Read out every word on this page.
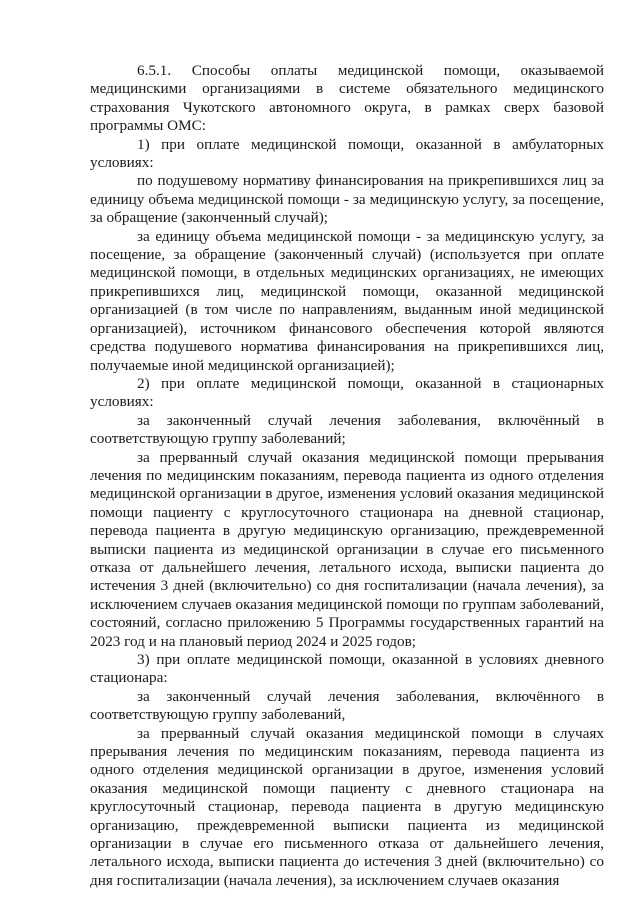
6.5.1. Способы оплаты медицинской помощи, оказываемой медицинскими организациями в системе обязательного медицинского страхования Чукотского автономного округа, в рамках сверх базовой программы ОМС:

1) при оплате медицинской помощи, оказанной в амбулаторных условиях:

по подушевому нормативу финансирования на прикрепившихся лиц за единицу объема медицинской помощи - за медицинскую услугу, за посещение, за обращение (законченный случай);

за единицу объема медицинской помощи - за медицинскую услугу, за посещение, за обращение (законченный случай) (используется при оплате медицинской помощи, в отдельных медицинских организациях, не имеющих прикрепившихся лиц, медицинской помощи, оказанной медицинской организацией (в том числе по направлениям, выданным иной медицинской организацией), источником финансового обеспечения которой являются средства подушевого норматива финансирования на прикрепившихся лиц, получаемые иной медицинской организацией);

2) при оплате медицинской помощи, оказанной в стационарных условиях:

за законченный случай лечения заболевания, включённый в соответствующую группу заболеваний;

за прерванный случай оказания медицинской помощи прерывания лечения по медицинским показаниям, перевода пациента из одного отделения медицинской организации в другое, изменения условий оказания медицинской помощи пациенту с круглосуточного стационара на дневной стационар, перевода пациента в другую медицинскую организацию, преждевременной выписки пациента из медицинской организации в случае его письменного отказа от дальнейшего лечения, летального исхода, выписки пациента до истечения 3 дней (включительно) со дня госпитализации (начала лечения), за исключением случаев оказания медицинской помощи по группам заболеваний, состояний, согласно приложению 5 Программы государственных гарантий на 2023 год и на плановый период 2024 и 2025 годов;

3) при оплате медицинской помощи, оказанной в условиях дневного стационара:

за законченный случай лечения заболевания, включённого в соответствующую группу заболеваний,

за прерванный случай оказания медицинской помощи в случаях прерывания лечения по медицинским показаниям, перевода пациента из одного отделения медицинской организации в другое, изменения условий оказания медицинской помощи пациенту с дневного стационара на круглосуточный стационар, перевода пациента в другую медицинскую организацию, преждевременной выписки пациента из медицинской организации в случае его письменного отказа от дальнейшего лечения, летального исхода, выписки пациента до истечения 3 дней (включительно) со дня госпитализации (начала лечения), за исключением случаев оказания
